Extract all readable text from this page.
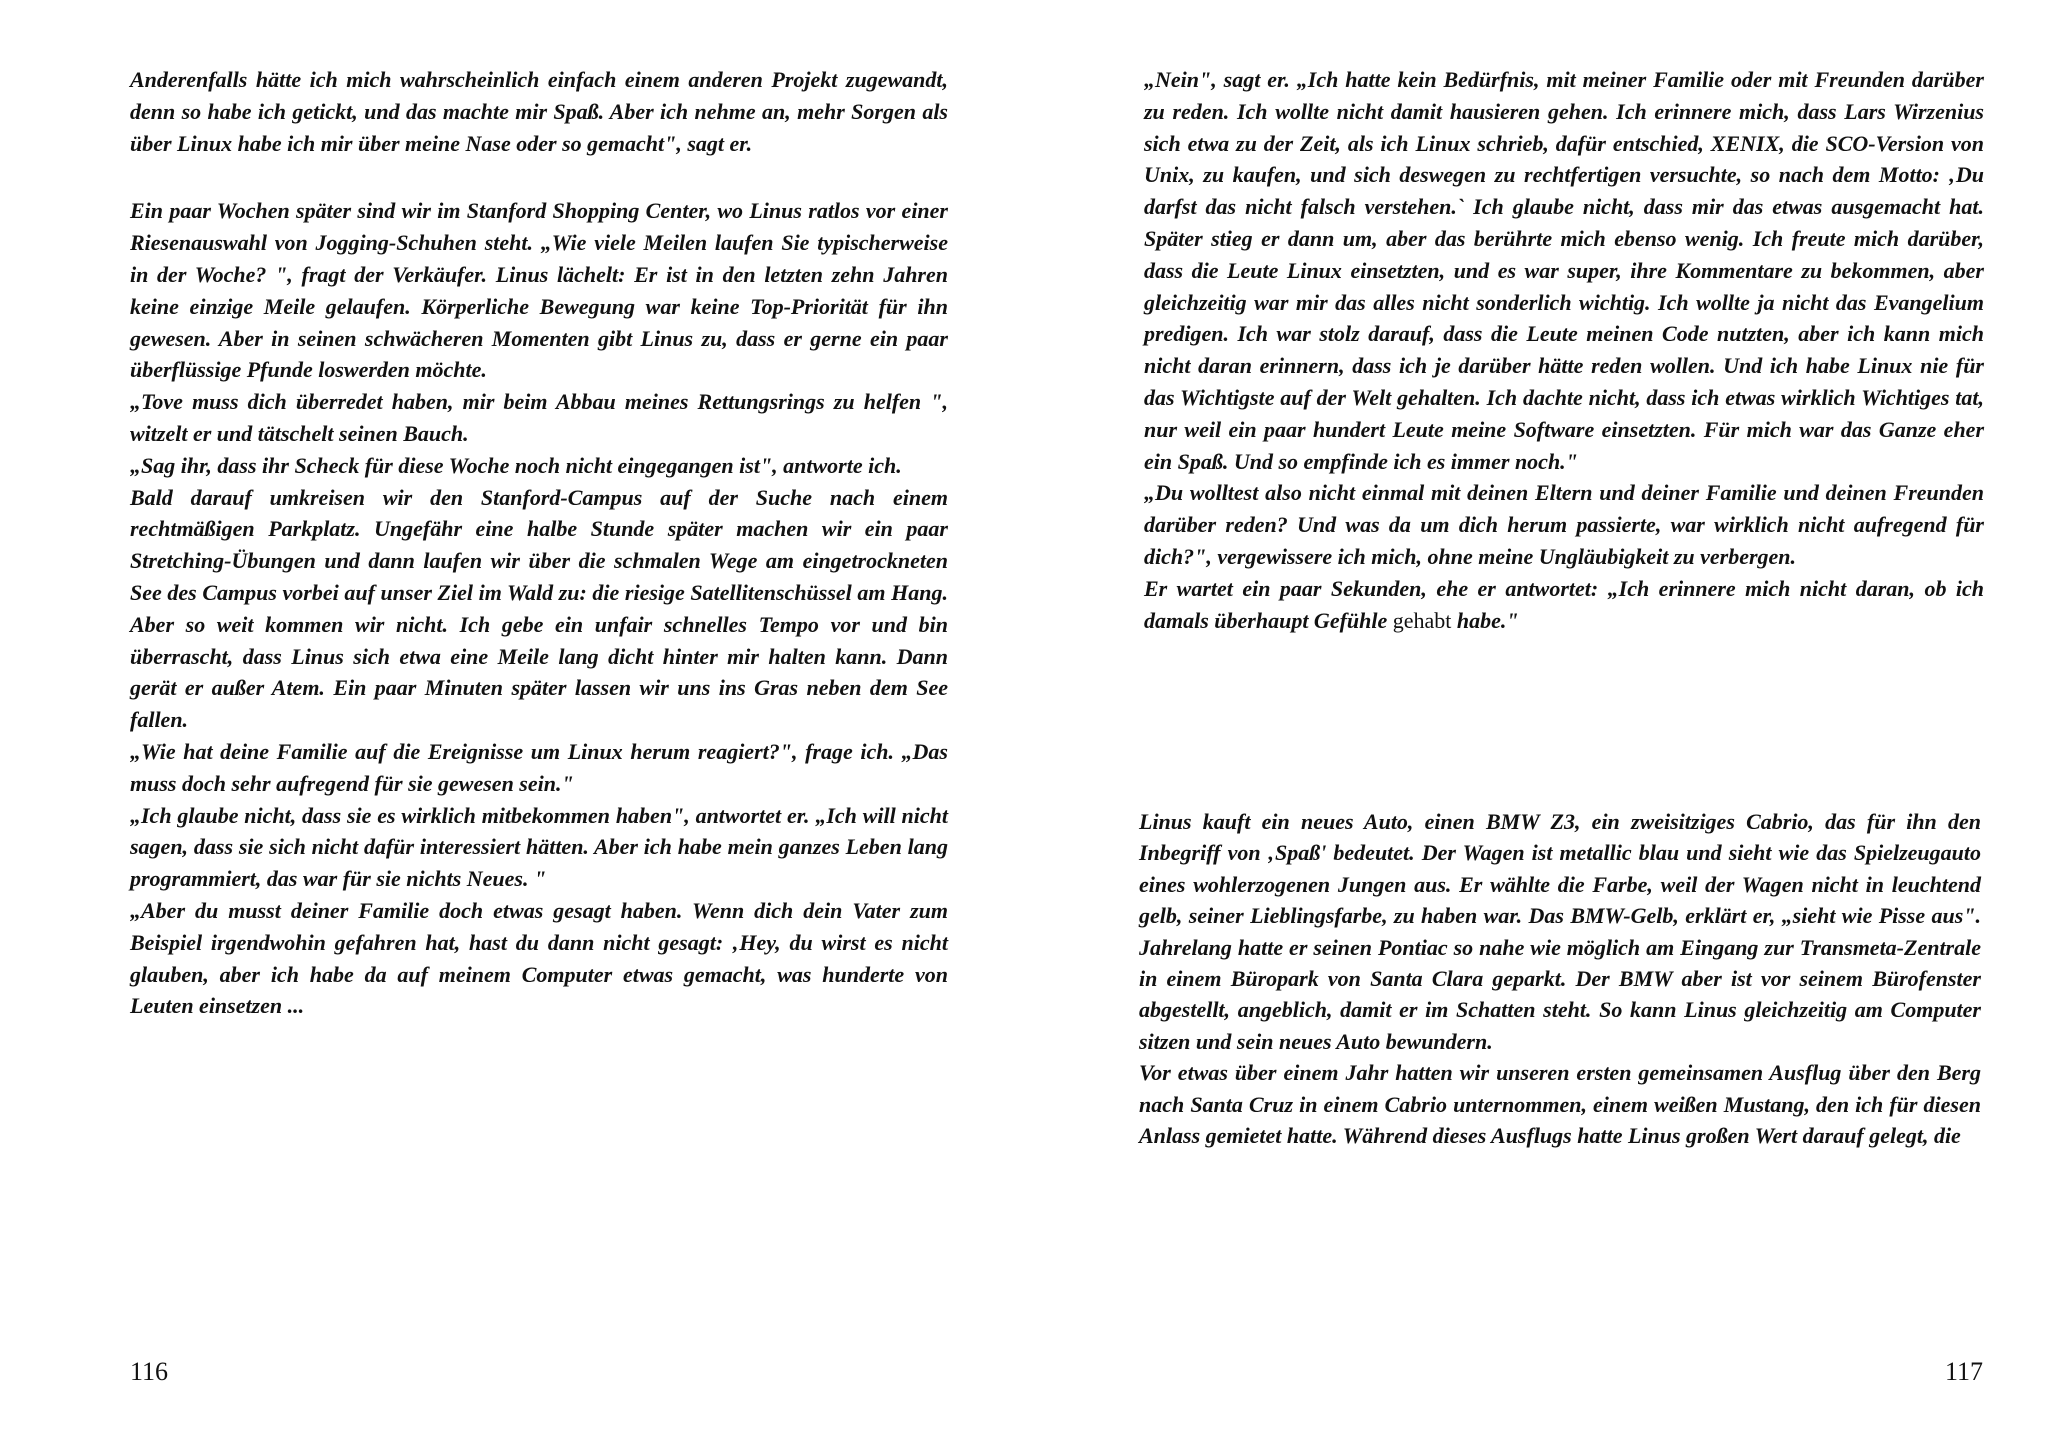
Anderenfalls hätte ich mich wahrscheinlich einfach einem anderen Projekt zugewandt, denn so habe ich getickt, und das machte mir Spaß. Aber ich nehme an, mehr Sorgen als über Linux habe ich mir über meine Nase oder so gemacht", sagt er.

Ein paar Wochen später sind wir im Stanford Shopping Center, wo Linus ratlos vor einer Riesenauswahl von Jogging-Schuhen steht. „Wie viele Meilen laufen Sie typischerweise in der Woche? ", fragt der Verkäufer. Linus lächelt: Er ist in den letzten zehn Jahren keine einzige Meile gelaufen. Körperliche Bewegung war keine Top-Priorität für ihn gewesen. Aber in seinen schwächeren Momenten gibt Linus zu, dass er gerne ein paar überflüssige Pfunde loswerden möchte.

„Tove muss dich überredet haben, mir beim Abbau meines Rettungsrings zu helfen ", witzelt er und tätschelt seinen Bauch.

„Sag ihr, dass ihr Scheck für diese Woche noch nicht eingegangen ist", antworte ich.

Bald darauf umkreisen wir den Stanford-Campus auf der Suche nach einem rechtmäßigen Parkplatz. Ungefähr eine halbe Stunde später machen wir ein paar Stretching-Übungen und dann laufen wir über die schmalen Wege am eingetrockneten See des Campus vorbei auf unser Ziel im Wald zu: die riesige Satellitenschüssel am Hang. Aber so weit kommen wir nicht. Ich gebe ein unfair schnelles Tempo vor und bin überrascht, dass Linus sich etwa eine Meile lang dicht hinter mir halten kann. Dann gerät er außer Atem. Ein paar Minuten später lassen wir uns ins Gras neben dem See fallen.

„Wie hat deine Familie auf die Ereignisse um Linux herum reagiert?", frage ich. „Das muss doch sehr aufregend für sie gewesen sein."

„Ich glaube nicht, dass sie es wirklich mitbekommen haben", antwortet er. „Ich will nicht sagen, dass sie sich nicht dafür interessiert hätten. Aber ich habe mein ganzes Leben lang programmiert, das war für sie nichts Neues. "

„Aber du musst deiner Familie doch etwas gesagt haben. Wenn dich dein Vater zum Beispiel irgendwohin gefahren hat, hast du dann nicht gesagt: ‚Hey, du wirst es nicht glauben, aber ich habe da auf meinem Computer etwas gemacht, was hunderte von Leuten einsetzen ...

116

„Nein", sagt er. „Ich hatte kein Bedürfnis, mit meiner Familie oder mit Freunden darüber zu reden. Ich wollte nicht damit hausieren gehen. Ich erinnere mich, dass Lars Wirzenius sich etwa zu der Zeit, als ich Linux schrieb, dafür entschied, XENIX, die SCO-Version von Unix, zu kaufen, und sich deswegen zu rechtfertigen versuchte, so nach dem Motto: ‚Du darfst das nicht falsch verstehen.` Ich glaube nicht, dass mir das etwas ausgemacht hat. Später stieg er dann um, aber das berührte mich ebenso wenig. Ich freute mich darüber, dass die Leute Linux einsetzten, und es war super, ihre Kommentare zu bekommen, aber gleichzeitig war mir das alles nicht sonderlich wichtig. Ich wollte ja nicht das Evangelium predigen. Ich war stolz darauf, dass die Leute meinen Code nutzten, aber ich kann mich nicht daran erinnern, dass ich je darüber hätte reden wollen. Und ich habe Linux nie für das Wichtigste auf der Welt gehalten. Ich dachte nicht, dass ich etwas wirklich Wichtiges tat, nur weil ein paar hundert Leute meine Software einsetzten. Für mich war das Ganze eher ein Spaß. Und so empfinde ich es immer noch."

„Du wolltest also nicht einmal mit deinen Eltern und deiner Familie und deinen Freunden darüber reden? Und was da um dich herum passierte, war wirklich nicht aufregend für dich?", vergewissere ich mich, ohne meine Ungläubigkeit zu verbergen.

Er wartet ein paar Sekunden, ehe er antwortet: „Ich erinnere mich nicht daran, ob ich damals überhaupt Gefühle gehabt habe."

Linus kauft ein neues Auto, einen BMW Z3, ein zweisitziges Cabrio, das für ihn den Inbegriff von ‚Spaß' bedeutet. Der Wagen ist metallic blau und sieht wie das Spielzeugauto eines wohlerzogenen Jungen aus. Er wählte die Farbe, weil der Wagen nicht in leuchtend gelb, seiner Lieblingsfarbe, zu haben war. Das BMW-Gelb, erklärt er, „sieht wie Pisse aus". Jahrelang hatte er seinen Pontiac so nahe wie möglich am Eingang zur Transmeta-Zentrale in einem Büropark von Santa Clara geparkt. Der BMW aber ist vor seinem Bürofenster abgestellt, angeblich, damit er im Schatten steht. So kann Linus gleichzeitig am Computer sitzen und sein neues Auto bewundern.

Vor etwas über einem Jahr hatten wir unseren ersten gemeinsamen Ausflug über den Berg nach Santa Cruz in einem Cabrio unternommen, einem weißen Mustang, den ich für diesen Anlass gemietet hatte. Während dieses Ausflugs hatte Linus großen Wert darauf gelegt, die

117
